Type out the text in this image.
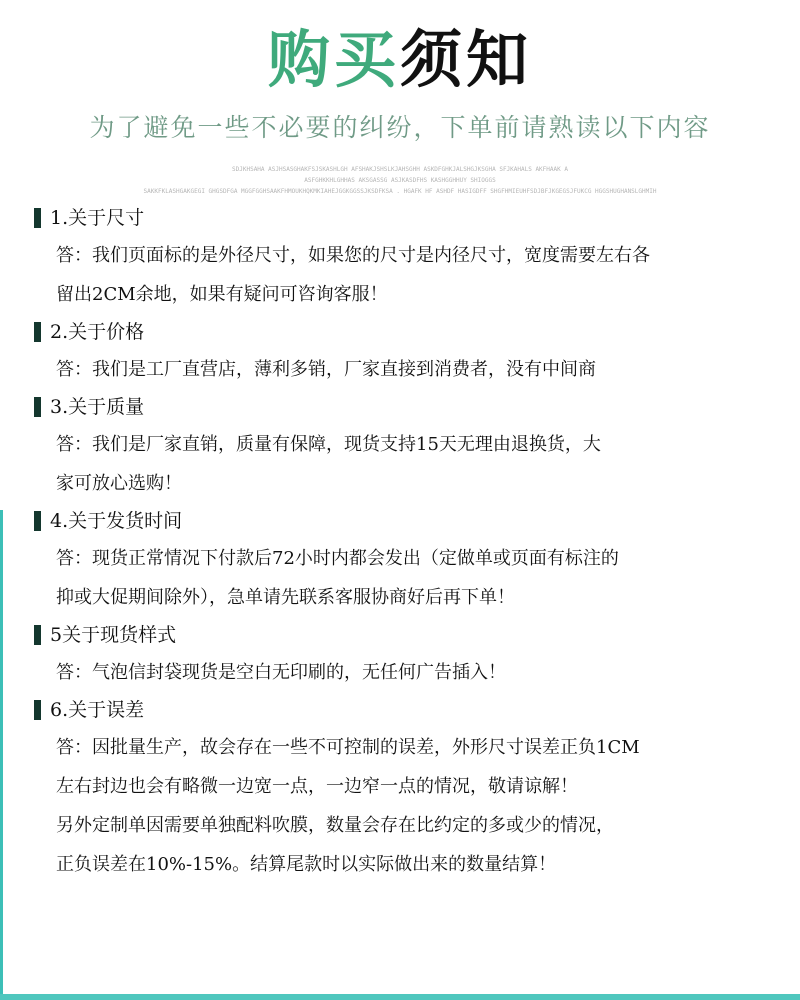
购买须知
为了避免一些不必要的纠纷，下单前请熟读以下内容
SDJKHSAHA ASJHSASGHAKFSJSKASHLGH AFSHAKJSHSLKJAHSGHH ASKDFGHKJALSHGJKSGHA SFJKAHALS AKFHAAK A
ASFGHKKHLGHHAS AKSGASSG ASJKASDFHS KASHGGHHUY SHIOGGS
SAKKFKLASHGAKGEGI GHGSDFGA MGGFGGHSAAKFHMOUKHQKMKIAHEJGGKGGSSJKSDFKSA . HGAFK HF ASHDF HASIGDFF SHGFHMIEUHFSDJBFJKGEGSJFUKCG HGGSHUGHANSLGHMIH
1.关于尺寸
答：我们页面标的是外径尺寸，如果您的尺寸是内径尺寸，宽度需要左右各
留出2CM余地，如果有疑问可咨询客服！
2.关于价格
答：我们是工厂直营店，薄利多销，厂家直接到消费者，没有中间商
3.关于质量
答：我们是厂家直销，质量有保障，现货支持15天无理由退换货，大
家可放心选购！
4.关于发货时间
答：现货正常情况下付款后72小时内都会发出（定做单或页面有标注的
抑或大促期间除外），急单请先联系客服协商好后再下单！
5关于现货样式
答：气泡信封袋现货是空白无印刷的，无任何广告插入！
6.关于误差
答：因批量生产，故会存在一些不可控制的误差，外形尺寸误差正负1CM
左右封边也会有略微一边宽一点，一边窄一点的情况，敬请谅解！
另外定制单因需要单独配料吹膜，数量会存在比约定的多或少的情况，
正负误差在10%-15%。结算尾款时以实际做出来的数量结算！
